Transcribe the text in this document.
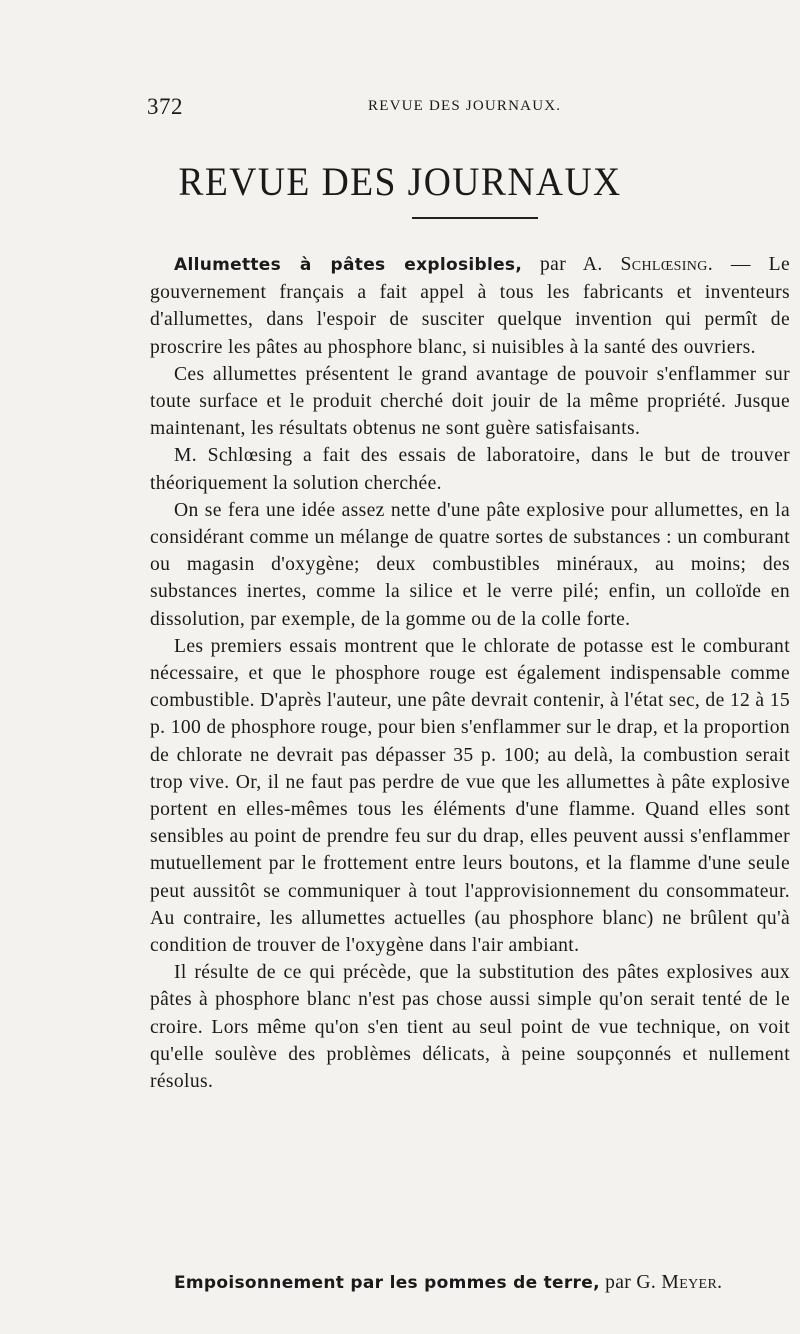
372	REVUE DES JOURNAUX.
REVUE DES JOURNAUX

Allumettes à pâtes explosibles, par A. Schlœsing. — Le gouvernement français a fait appel à tous les fabricants et inventeurs d'allumettes, dans l'espoir de susciter quelque invention qui permît de proscrire les pâtes au phosphore blanc, si nuisibles à la santé des ouvriers.

Ces allumettes présentent le grand avantage de pouvoir s'enflammer sur toute surface et le produit cherché doit jouir de la même propriété. Jusque maintenant, les résultats obtenus ne sont guère satisfaisants.

M. Schlœsing a fait des essais de laboratoire, dans le but de trouver théoriquement la solution cherchée.

On se fera une idée assez nette d'une pâte explosive pour allumettes, en la considérant comme un mélange de quatre sortes de substances : un comburant ou magasin d'oxygène; deux combustibles minéraux, au moins; des substances inertes, comme la silice et le verre pilé; enfin, un colloïde en dissolution, par exemple, de la gomme ou de la colle forte.

Les premiers essais montrent que le chlorate de potasse est le comburant nécessaire, et que le phosphore rouge est également indispensable comme combustible. D'après l'auteur, une pâte devrait contenir, à l'état sec, de 12 à 15 p. 100 de phosphore rouge, pour bien s'enflammer sur le drap, et la proportion de chlorate ne devrait pas dépasser 35 p. 100; au delà, la combustion serait trop vive. Or, il ne faut pas perdre de vue que les allumettes à pâte explosive portent en elles-mêmes tous les éléments d'une flamme. Quand elles sont sensibles au point de prendre feu sur du drap, elles peuvent aussi s'enflammer mutuellement par le frottement entre leurs boutons, et la flamme d'une seule peut aussitôt se communiquer à tout l'approvisionnement du consommateur. Au contraire, les allumettes actuelles (au phosphore blanc) ne brûlent qu'à condition de trouver de l'oxygène dans l'air ambiant.

Il résulte de ce qui précède, que la substitution des pâtes explosives aux pâtes à phosphore blanc n'est pas chose aussi simple qu'on serait tenté de le croire. Lors même qu'on s'en tient au seul point de vue technique, on voit qu'elle soulève des problèmes délicats, à peine soupçonnés et nullement résolus.

Empoisonnement par les pommes de terre, par G. Meyer.
